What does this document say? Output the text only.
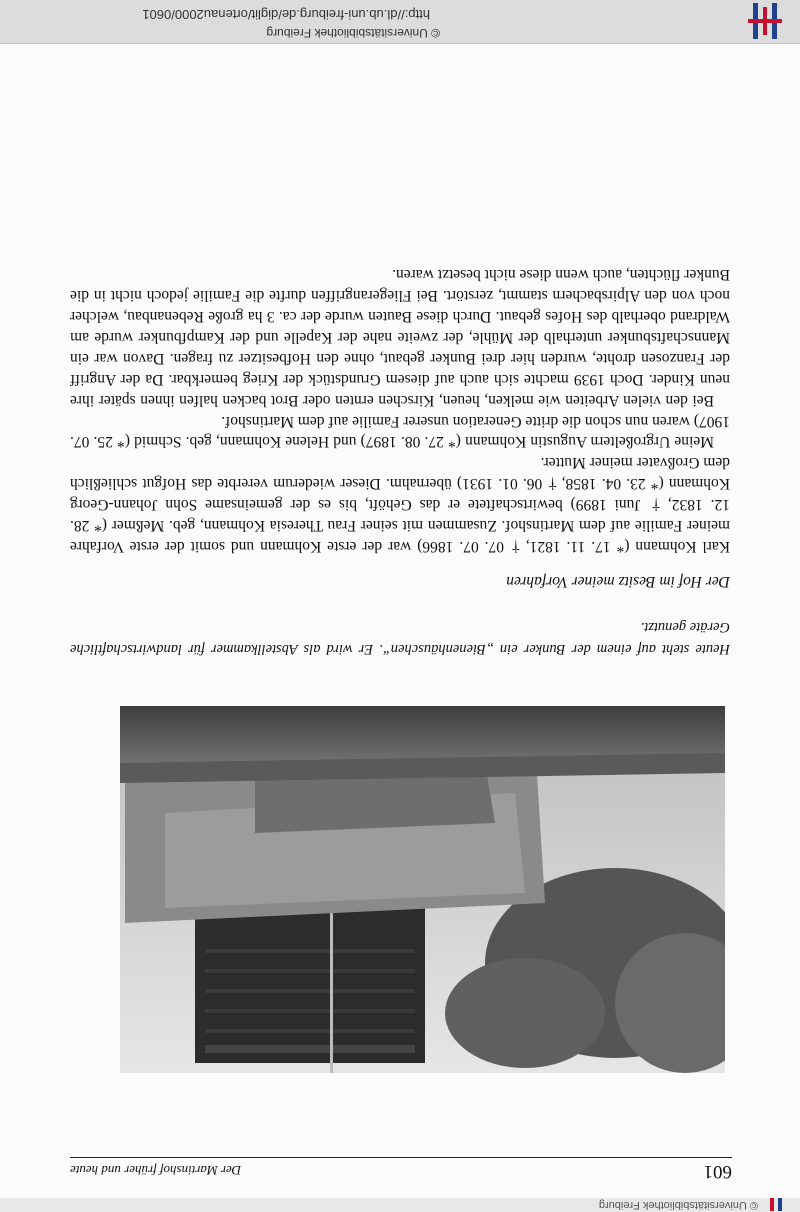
© Universitätsbibliothek Freiburg
601
Der Martinshof früher und heute
Heute steht auf einem der Bunker ein „Bienenhäuschen“. Er wird als Abstellkammer für landwirtschaftliche Geräte genutzt.
Der Hof im Besitz meiner Vorfahren

Karl Kohmann (* 17. 11. 1821, † 07. 07. 1866) war der erste Kohmann und somit der erste Vorfahre meiner Familie auf dem Martinshof. Zusammen mit seiner Frau Theresia Kohmann, geb. Meßmer (* 28. 12. 1832, † Juni 1899) bewirtschaftete er das Gehöft, bis es der gemeinsame Sohn Johann-Georg Kohmann (* 23. 04. 1858, † 06. 01. 1931) übernahm. Dieser wiederum vererbte das Hofgut schließlich dem Großvater meiner Mutter.

Meine Urgroßeltern Augustin Kohmann (* 27. 08. 1897) und Helene Kohmann, geb. Schmid (* 25. 07. 1907) waren nun schon die dritte Generation unserer Familie auf dem Martinshof.

Bei den vielen Arbeiten wie melken, heuen, Kirschen ernten oder Brot backen halfen ihnen später ihre neun Kinder. Doch 1939 machte sich auch auf diesem Grundstück der Krieg bemerkbar. Da der Angriff der Franzosen drohte, wurden hier drei Bunker gebaut, ohne den Hofbesitzer zu fragen. Davon war ein Mannschaftsbunker unterhalb der Mühle, der zweite nahe der Kapelle und der Kampfbunker wurde am Waldrand oberhalb des Hofes gebaut. Durch diese Bauten wurde der ca. 3 ha große Rebenanbau, welcher noch von den Alpirsbachern stammt, zerstört. Bei Fliegerangriffen durfte die Familie jedoch nicht in die Bunker flüchten, auch wenn diese nicht besetzt waren.

© Universitätsbibliothek Freiburg
http://dl.ub.uni-freiburg.de/diglit/ortenau2000/0601
